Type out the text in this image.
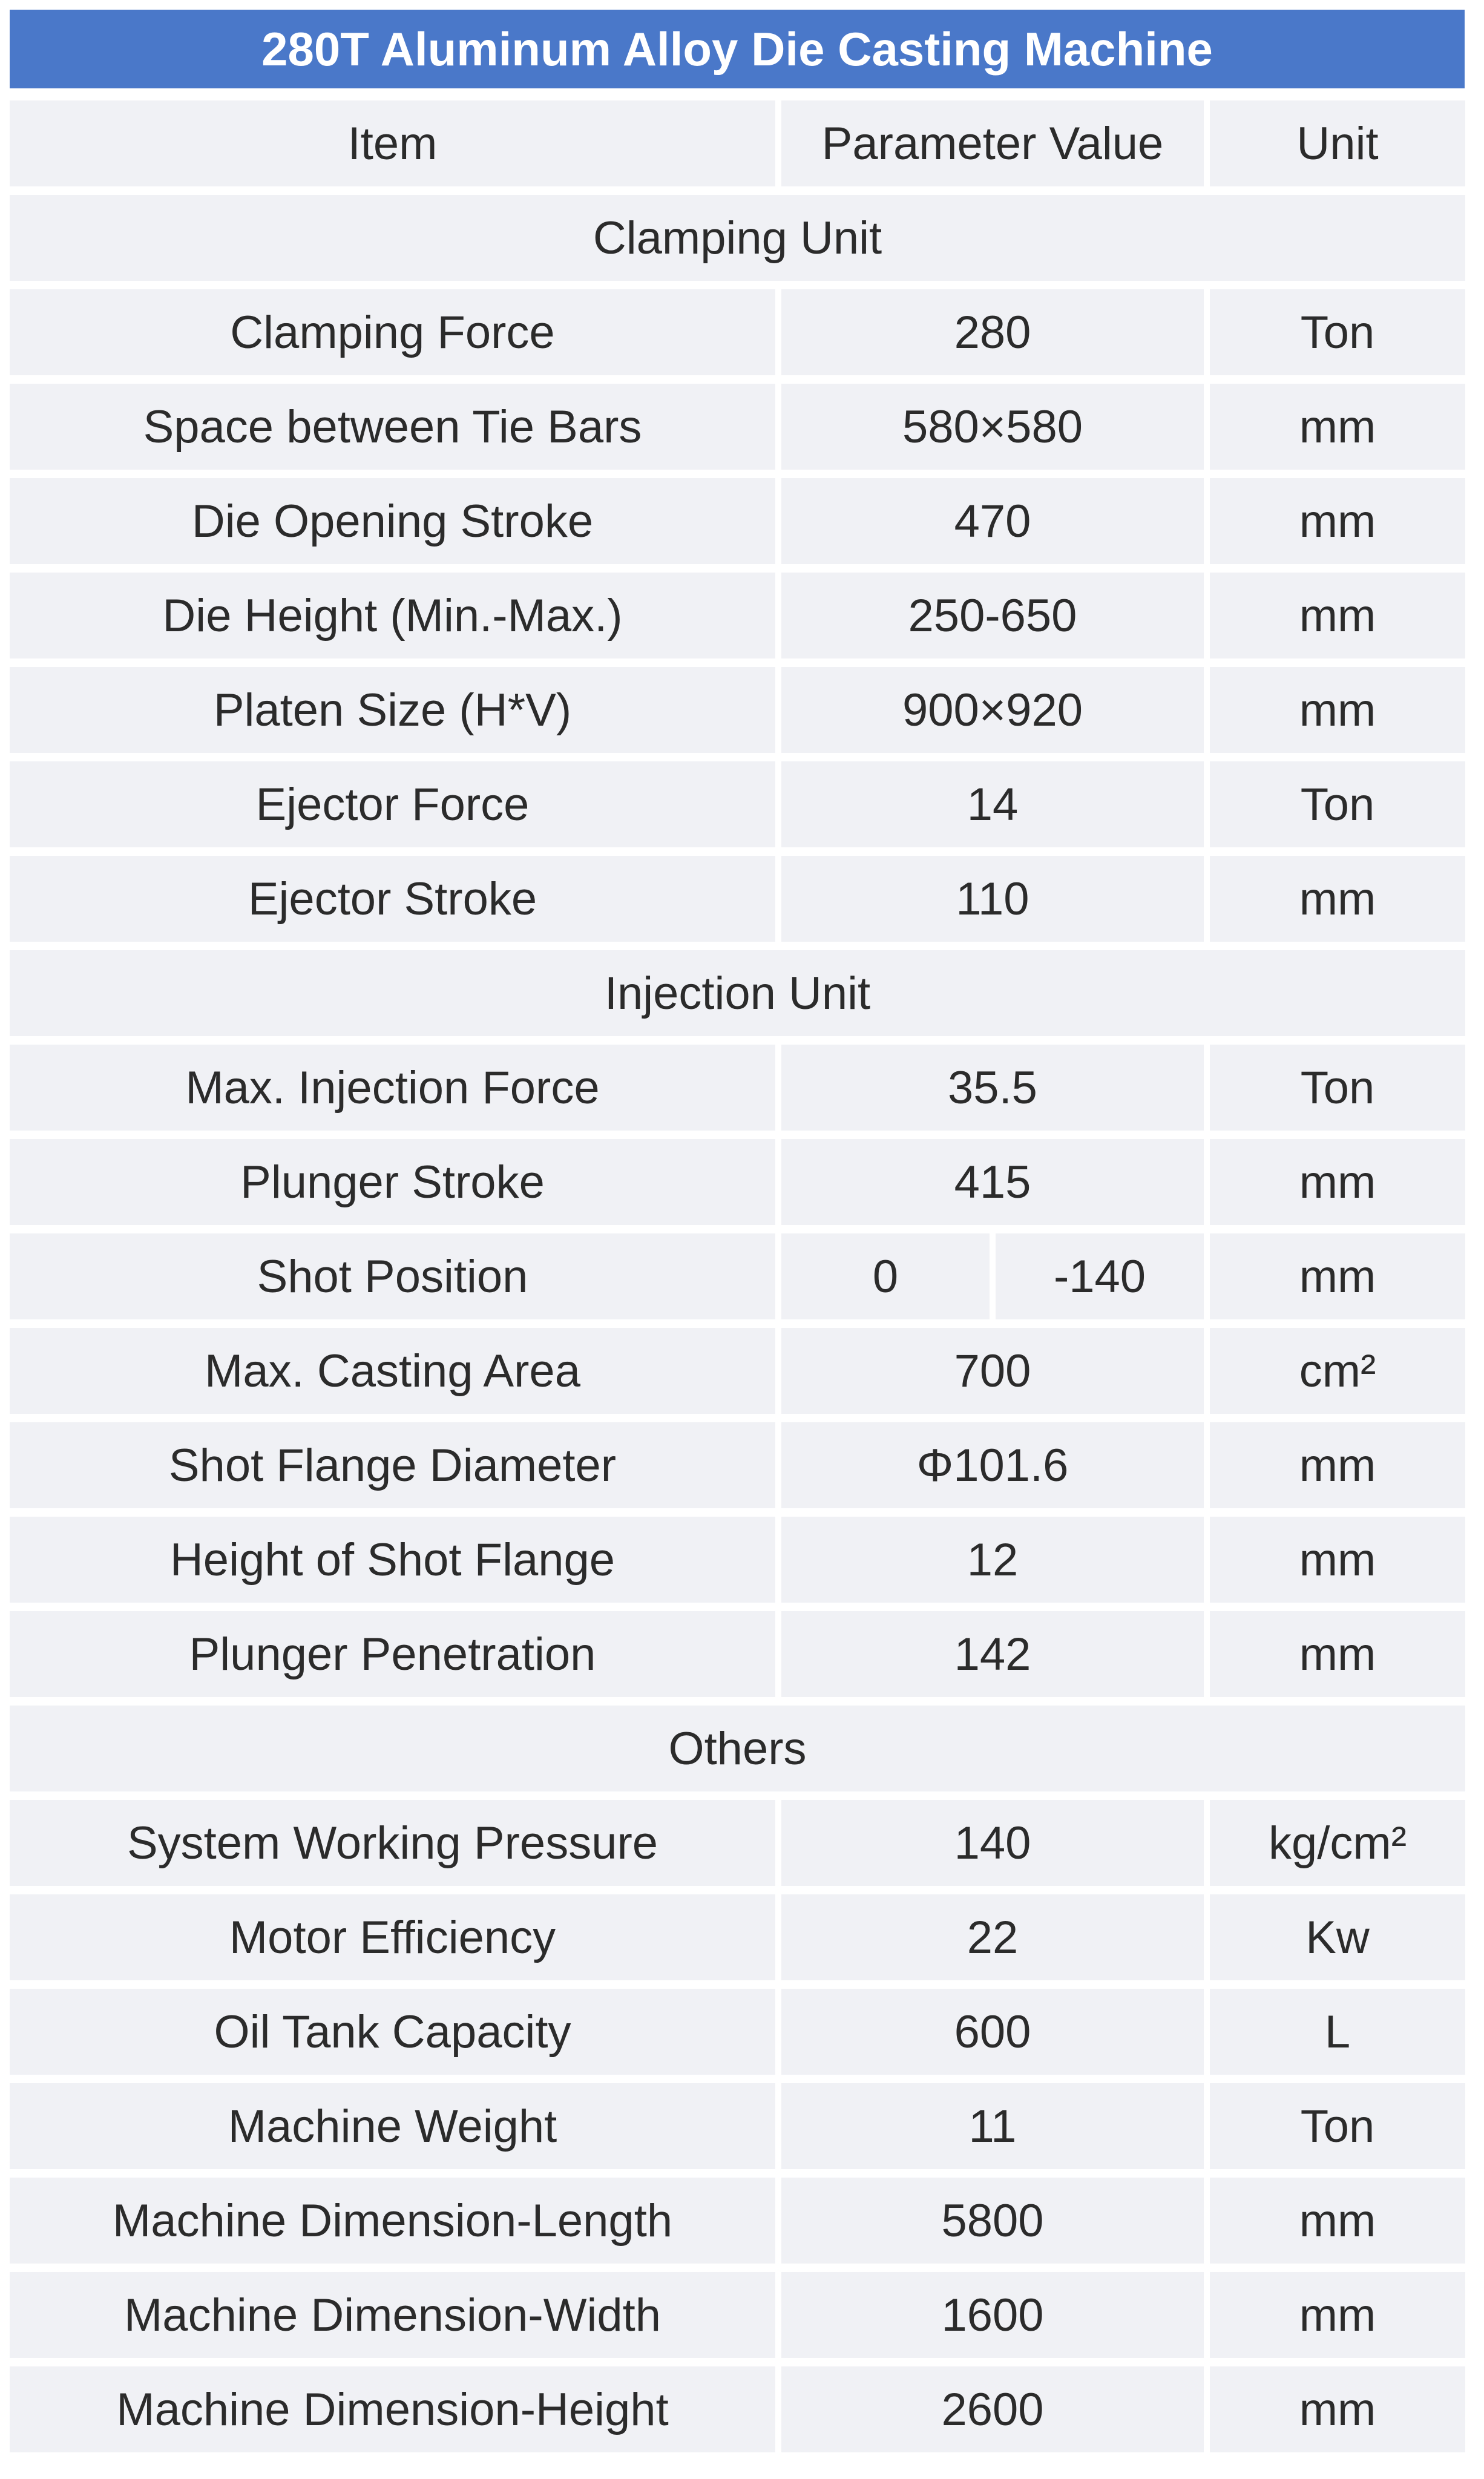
280T Aluminum Alloy Die Casting Machine
Item	Parameter Value	Unit
Clamping Unit
Clamping Force	280	Ton
Space between Tie Bars	580×580	mm
Die Opening Stroke	470	mm
Die Height (Min.-Max.)	250-650	mm
Platen Size (H*V)	900×920	mm
Ejector Force	14	Ton
Ejector Stroke	110	mm
Injection Unit
Max. Injection Force	35.5	Ton
Plunger Stroke	415	mm
Shot Position	0	-140	mm
Max. Casting Area	700	cm²
Shot Flange Diameter	Φ101.6	mm
Height of Shot Flange	12	mm
Plunger Penetration	142	mm
Others
System Working Pressure	140	kg/cm²
Motor Efficiency	22	Kw
Oil Tank Capacity	600	L
Machine Weight	11	Ton
Machine Dimension-Length	5800	mm
Machine Dimension-Width	1600	mm
Machine Dimension-Height	2600	mm
